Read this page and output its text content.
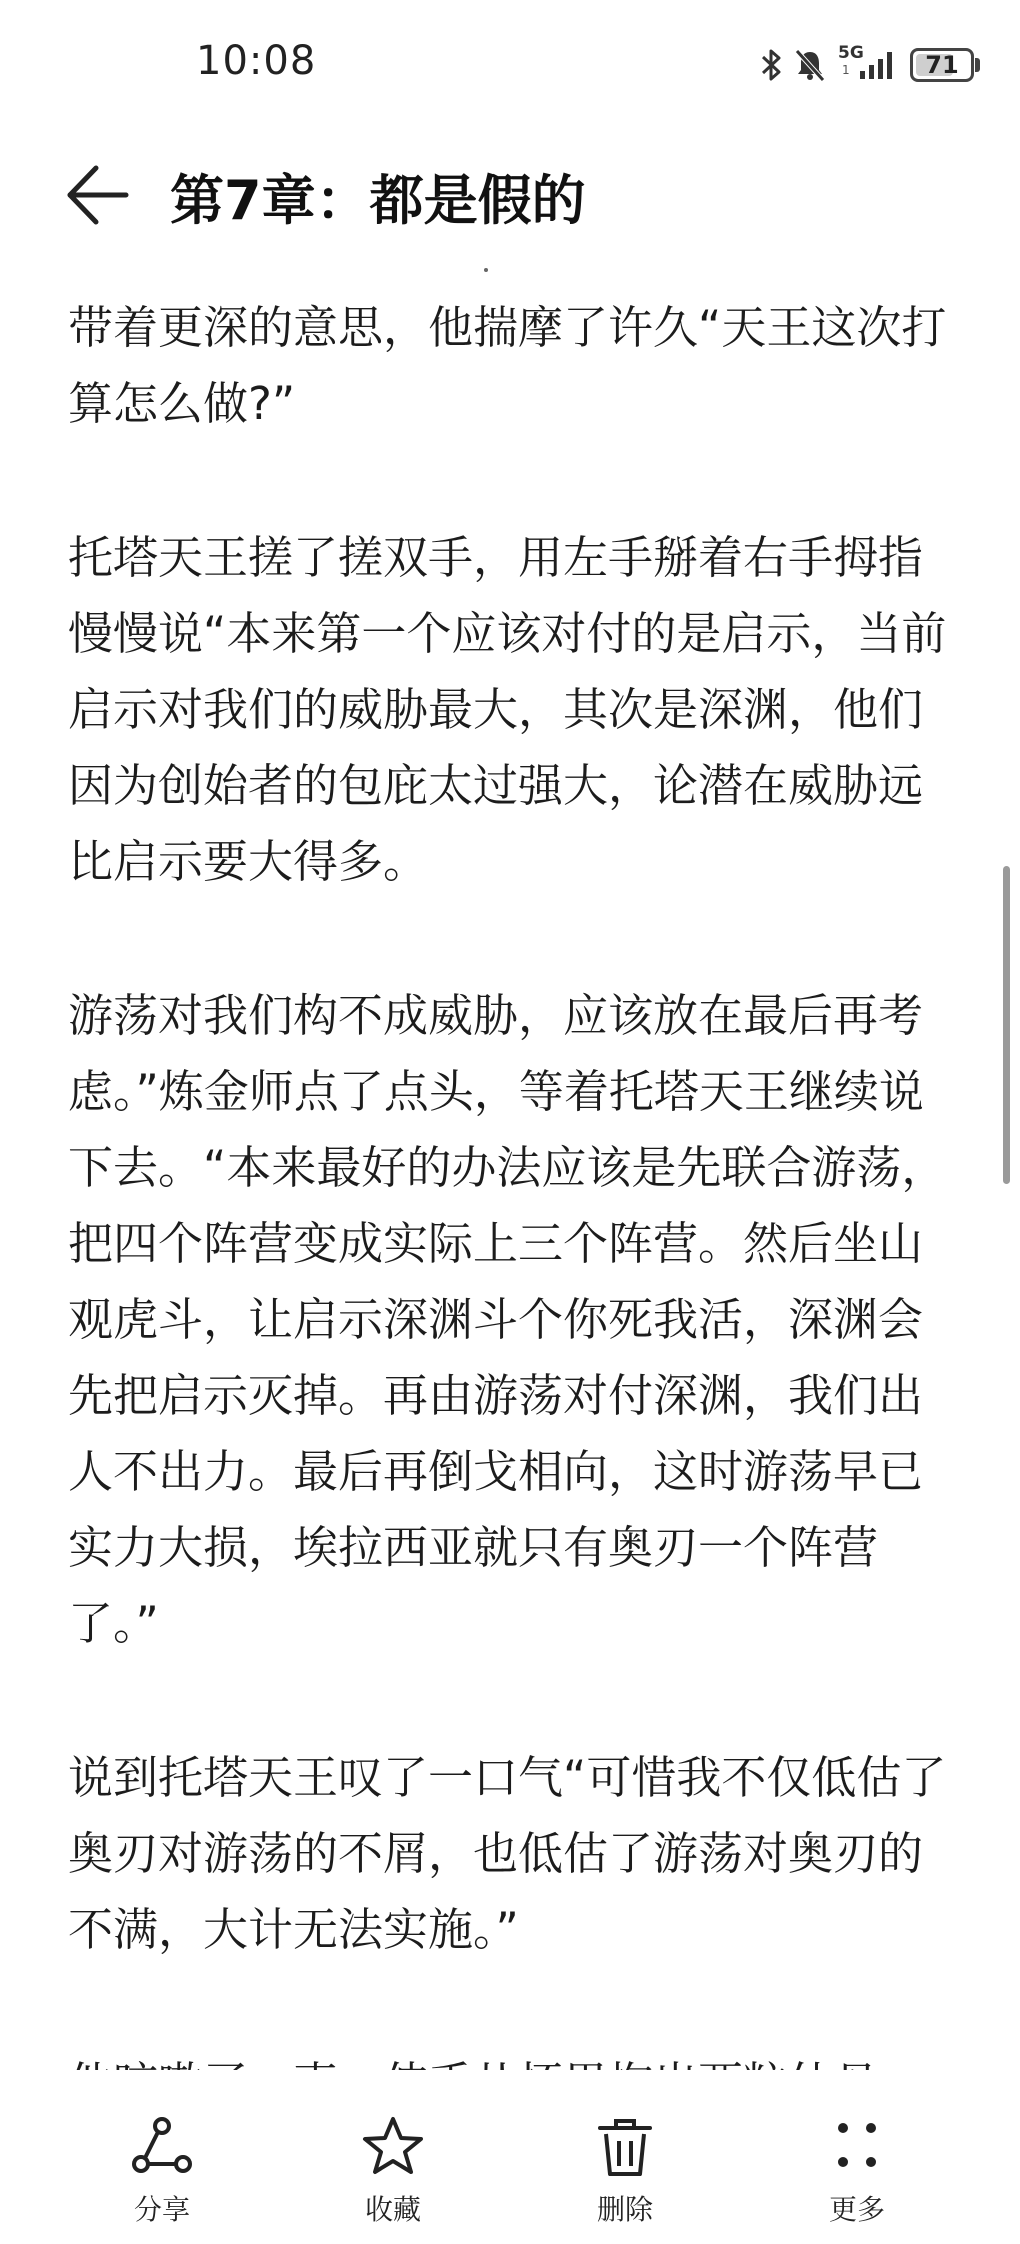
10:08	5G
1	71
第7章：都是假的

带着更深的意思，他揣摩了许久“天王这次打
算怎么做?”

托塔天王搓了搓双手，用左手掰着右手拇指
慢慢说“本来第一个应该对付的是启示，当前
启示对我们的威胁最大，其次是深渊，他们
因为创始者的包庇太过强大，论潜在威胁远
比启示要大得多。

游荡对我们构不成威胁，应该放在最后再考
虑。”炼金师点了点头，等着托塔天王继续说
下去。“本来最好的办法应该是先联合游荡，
把四个阵营变成实际上三个阵营。然后坐山
观虎斗，让启示深渊斗个你死我活，深渊会
先把启示灭掉。再由游荡对付深渊，我们出
人不出力。最后再倒戈相向，这时游荡早已
实力大损，埃拉西亚就只有奥刃一个阵营
了。”

说到托塔天王叹了一口气“可惜我不仅低估了
奥刃对游荡的不屑，也低估了游荡对奥刃的
不满，大计无法实施。”

分享	收藏	删除	更多
